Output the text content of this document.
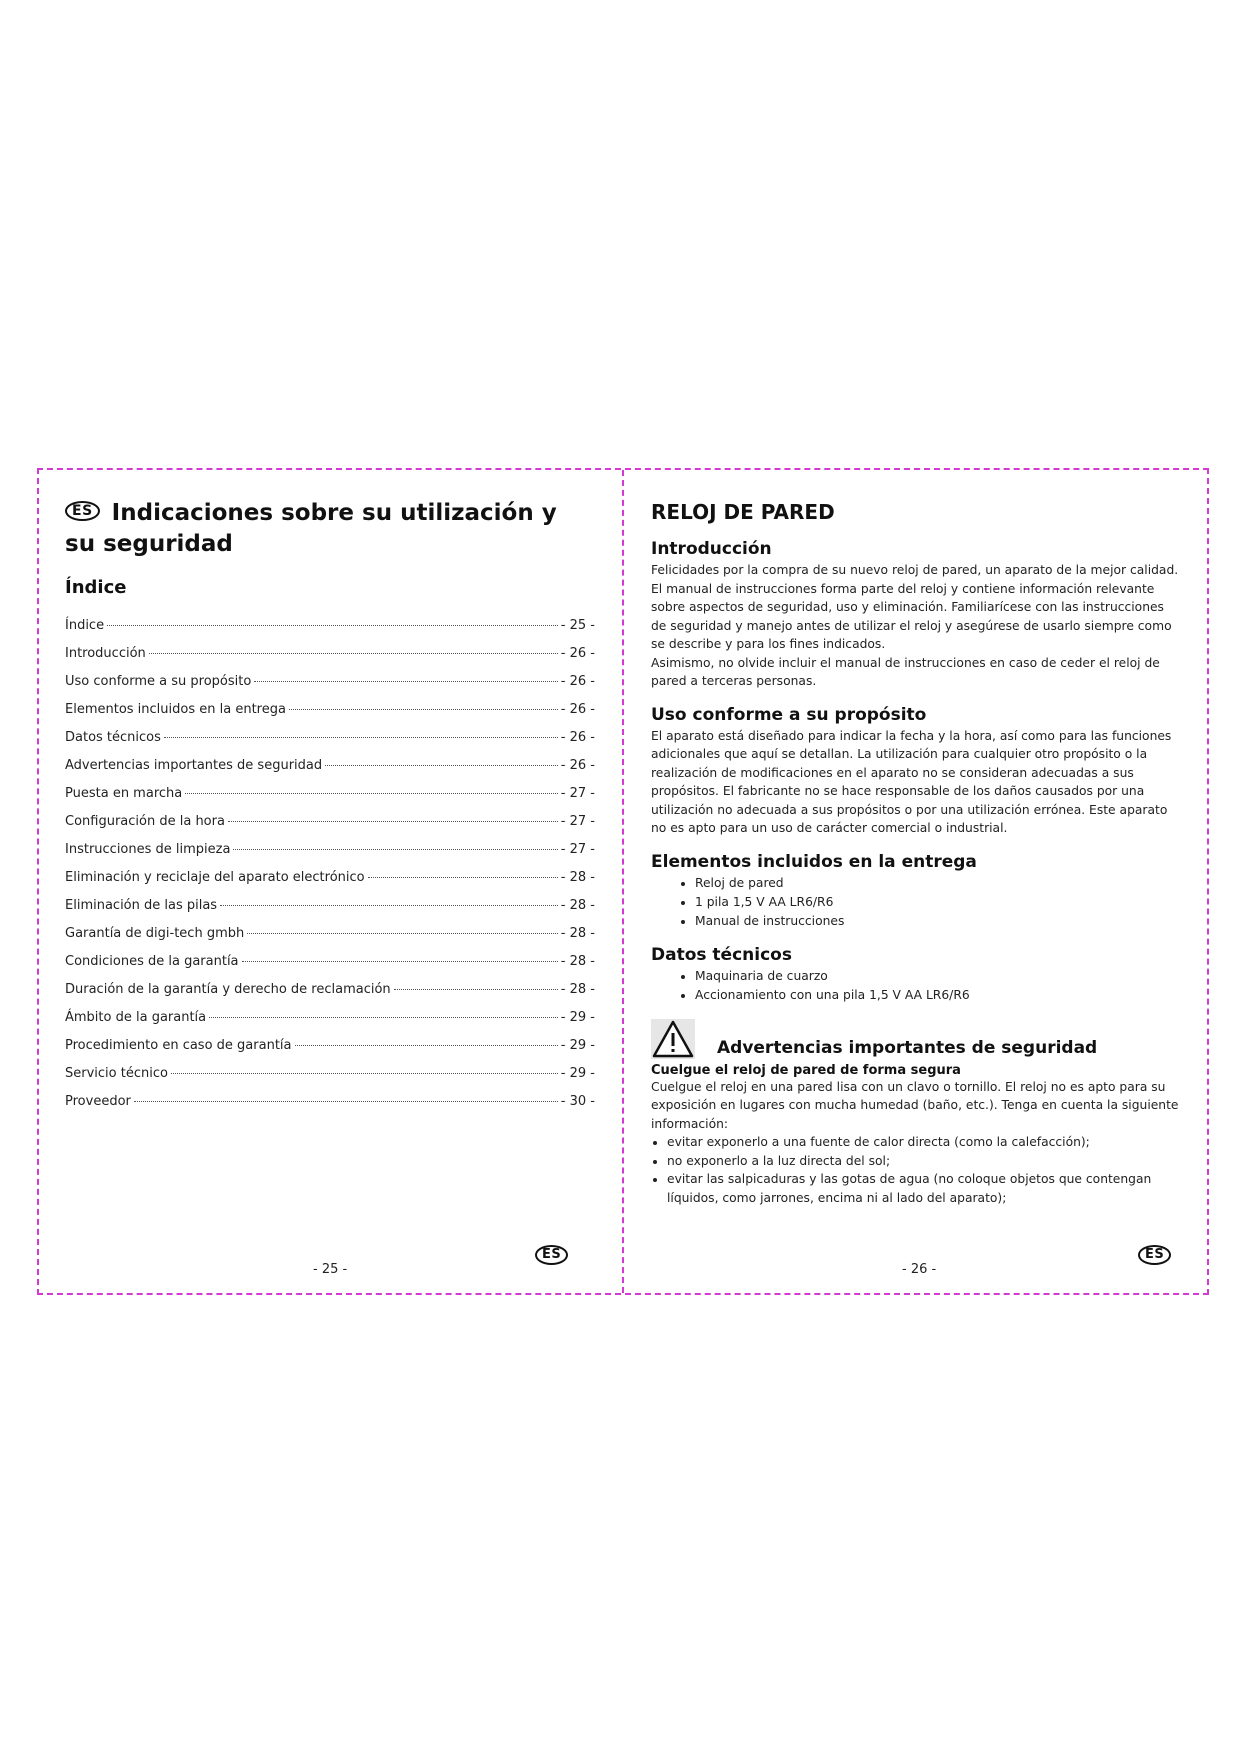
ES Indicaciones sobre su utilización y su seguridad
Índice
Índice	- 25 -
Introducción	- 26 -
Uso conforme a su propósito	- 26 -
Elementos incluidos en la entrega	- 26 -
Datos técnicos	- 26 -
Advertencias importantes de seguridad	- 26 -
Puesta en marcha	- 27 -
Configuración de la hora	- 27 -
Instrucciones de limpieza	- 27 -
Eliminación y reciclaje del aparato electrónico	- 28 -
Eliminación de las pilas	- 28 -
Garantía de digi-tech gmbh	- 28 -
Condiciones de la garantía	- 28 -
Duración de la garantía y derecho de reclamación	- 28 -
Ámbito de la garantía	- 29 -
Procedimiento en caso de garantía	- 29 -
Servicio técnico	- 29 -
Proveedor	- 30 -
- 25 -
ES
RELOJ DE PARED
Introducción

Felicidades por la compra de su nuevo reloj de pared, un aparato de la mejor calidad. El manual de instrucciones forma parte del reloj y contiene información relevante sobre aspectos de seguridad, uso y eliminación. Familiarícese con las instrucciones de seguridad y manejo antes de utilizar el reloj y asegúrese de usarlo siempre como se describe y para los fines indicados.

Asimismo, no olvide incluir el manual de instrucciones en caso de ceder el reloj de pared a terceras personas.

Uso conforme a su propósito

El aparato está diseñado para indicar la fecha y la hora, así como para las funciones adicionales que aquí se detallan. La utilización para cualquier otro propósito o la realización de modificaciones en el aparato no se consideran adecuadas a sus propósitos. El fabricante no se hace responsable de los daños causados por una utilización no adecuada a sus propósitos o por una utilización errónea. Este aparato no es apto para un uso de carácter comercial o industrial.

Elementos incluidos en la entrega
• Reloj de pared
• 1 pila 1,5 V AA LR6/R6
• Manual de instrucciones
Datos técnicos
• Maquinaria de cuarzo
• Accionamiento con una pila 1,5 V AA LR6/R6
Advertencias importantes de seguridad
Cuelgue el reloj de pared de forma segura

Cuelgue el reloj en una pared lisa con un clavo o tornillo. El reloj no es apto para su exposición en lugares con mucha humedad (baño, etc.). Tenga en cuenta la siguiente información:

• evitar exponerlo a una fuente de calor directa (como la calefacción);
• no exponerlo a la luz directa del sol;
• evitar las salpicaduras y las gotas de agua (no coloque objetos que contengan líquidos, como jarrones, encima ni al lado del aparato);
- 26 -
ES
